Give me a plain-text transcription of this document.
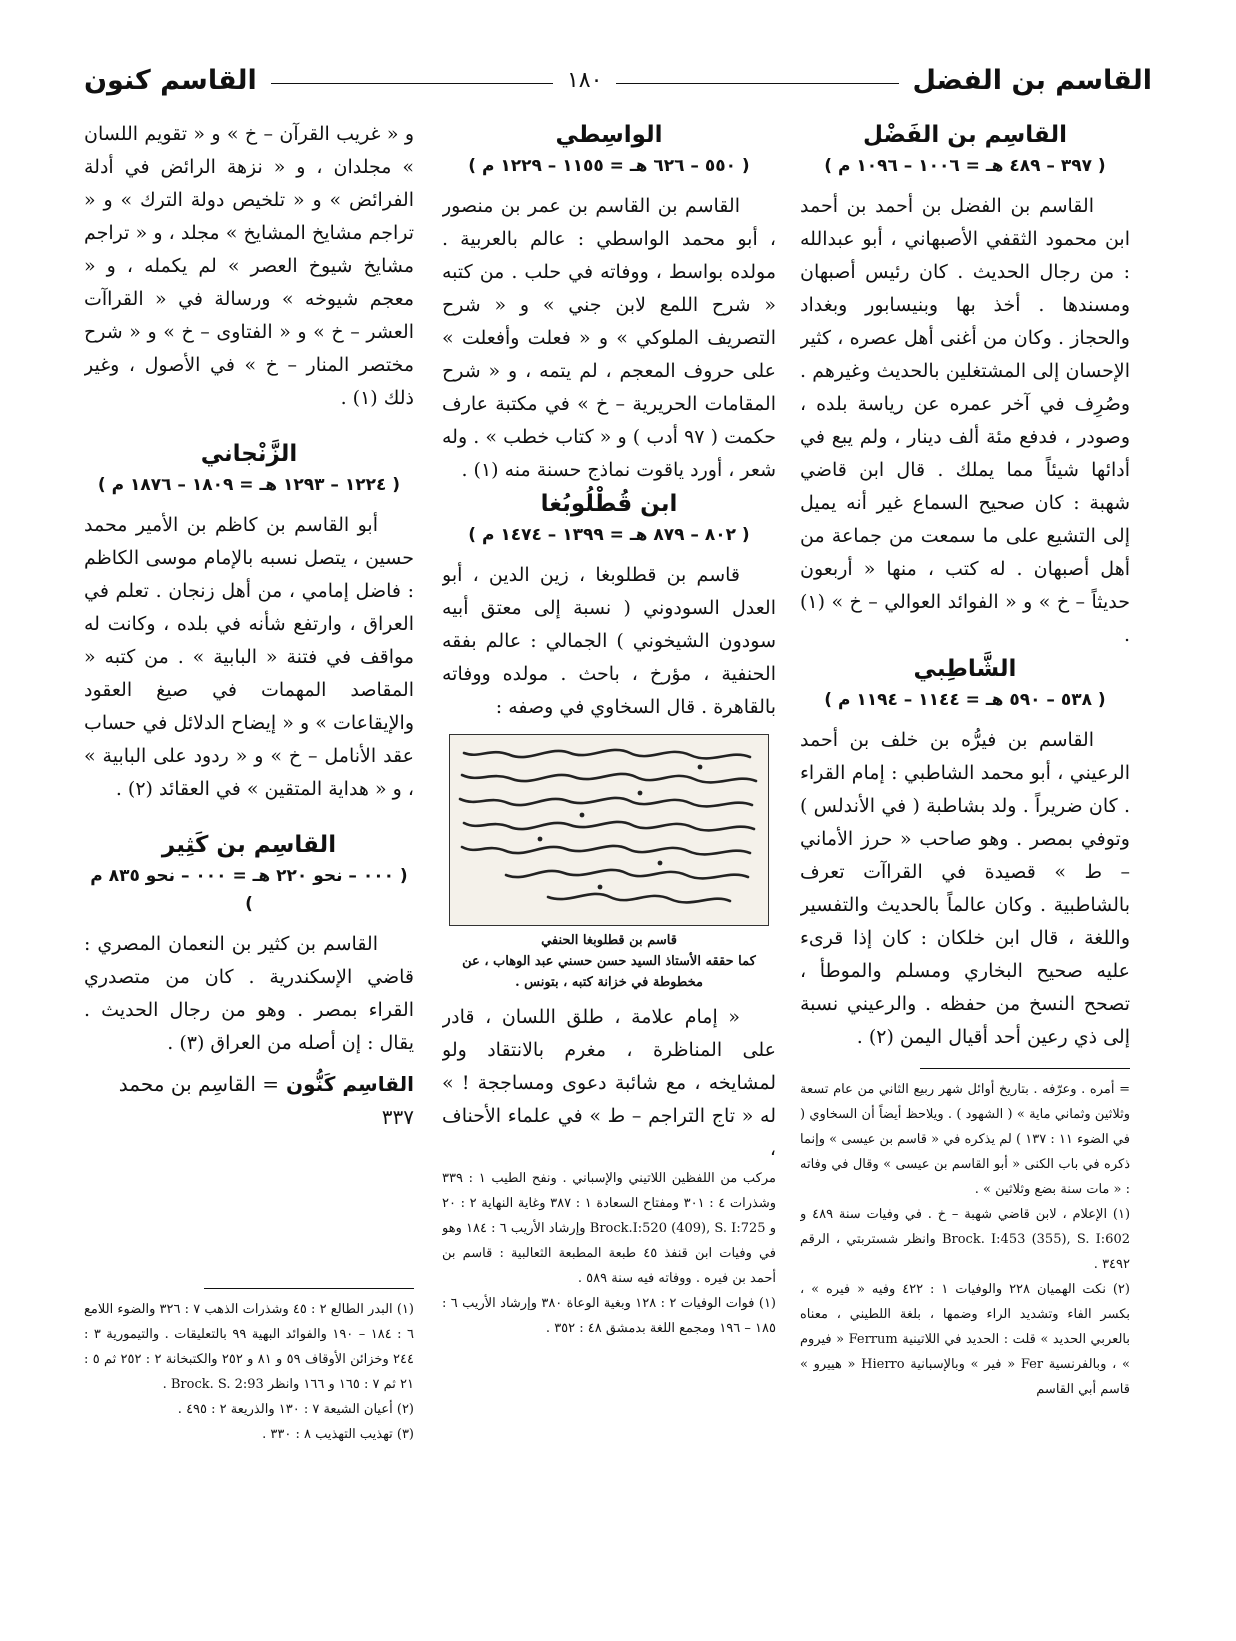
القاسم بن الفضل
١٨٠
القاسم كنون
القاسِم بن الفَضْل
( ٣٩٧ – ٤٨٩ هـ = ١٠٠٦ – ١٠٩٦ م )

القاسم بن الفضل بن أحمد بن أحمد ابن محمود الثقفي الأصبهاني ، أبو عبدالله : من رجال الحديث . كان رئيس أصبهان ومسندها . أخذ بها وبنيسابور وبغداد والحجاز . وكان من أغنى أهل عصره ، كثير الإحسان إلى المشتغلين بالحديث وغيرهم . وصُرِف في آخر عمره عن رياسة بلده ، وصودر ، فدفع مئة ألف دينار ، ولم يبع في أدائها شيئاً مما يملك . قال ابن قاضي شهبة : كان صحيح السماع غير أنه يميل إلى التشيع على ما سمعت من جماعة من أهل أصبهان . له كتب ، منها « أربعون حديثاً – خ » و « الفوائد العوالي – خ » (١) .

الشَّاطِبي
( ٥٣٨ – ٥٩٠ هـ = ١١٤٤ – ١١٩٤ م )

القاسم بن فيرُّه بن خلف بن أحمد الرعيني ، أبو محمد الشاطبي : إمام القراء . كان ضريراً . ولد بشاطبة ( في الأندلس ) وتوفي بمصر . وهو صاحب « حرز الأماني – ط » قصيدة في القراآت تعرف بالشاطبية . وكان عالماً بالحديث والتفسير واللغة ، قال ابن خلكان : كان إذا قرىء عليه صحيح البخاري ومسلم والموطأ ، تصحح النسخ من حفظه . والرعيني نسبة إلى ذي رعين أحد أقيال اليمن (٢) .

= أمره . وعرّفه . بتاريخ أوائل شهر ربيع الثاني من عام تسعة وثلاثين وثماني ماية » ( الشهود ) . ويلاحظ أيضاً أن السخاوي ( في الضوء ١١ : ١٣٧ ) لم يذكره في « قاسم بن عيسى » وإنما ذكره في باب الكنى « أبو القاسم بن عيسى » وقال في وفاته : « مات سنة بضع وثلاثين » .

(١) الإعلام ، لابن قاضي شهبة – خ . في وفيات سنة ٤٨٩ و Brock. I:453 (355), S. I:602 وانظر شستربتي ، الرقم ٣٤٩٢ .

(٢) نكت الهميان ٢٢٨ والوفيات ١ : ٤٢٢ وفيه « فيره » ، بكسر الفاء وتشديد الراء وضمها ، بلغة اللطيني ، معناه بالعربي الحديد » قلت : الحديد في اللاتينية Ferrum « فيروم » ، وبالفرنسية Fer « فير » وبالإسبانية Hierro « هييرو » قاسم أبي القاسم

الواسِطي
( ٥٥٠ – ٦٢٦ هـ = ١١٥٥ – ١٢٢٩ م )

القاسم بن القاسم بن عمر بن منصور ، أبو محمد الواسطي : عالم بالعربية . مولده بواسط ، ووفاته في حلب . من كتبه « شرح اللمع لابن جني » و « شرح التصريف الملوكي » و « فعلت وأفعلت » على حروف المعجم ، لم يتمه ، و « شرح المقامات الحريرية – خ » في مكتبة عارف حكمت ( ٩٧ أدب ) و « كتاب خطب » . وله شعر ، أورد ياقوت نماذج حسنة منه (١) .

ابن قُطْلُوبُغا
( ٨٠٢ – ٨٧٩ هـ = ١٣٩٩ – ١٤٧٤ م )

قاسم بن قطلوبغا ، زين الدين ، أبو العدل السودوني ( نسبة إلى معتق أبيه سودون الشيخوني ) الجمالي : عالم بفقه الحنفية ، مؤرخ ، باحث . مولده ووفاته بالقاهرة . قال السخاوي في وصفه :

قاسم بن قطلوبغا الحنفي
كما حققه الأستاذ السيد حسن حسني عبد الوهاب ، عن مخطوطة في خزانة كتبه ، بتونس .

« إمام علامة ، طلق اللسان ، قادر على المناظرة ، مغرم بالانتقاد ولو لمشايخه ، مع شائبة دعوى ومساججة ! » له « تاج التراجم – ط » في علماء الأحناف ،

مركب من اللفظين اللاتيني والإسباني . ونفح الطيب ١ : ٣٣٩ وشذرات ٤ : ٣٠١ ومفتاح السعادة ١ : ٣٨٧ وغاية النهاية ٢ : ٢٠ و Brock.I:520 (409), S. I:725 وإرشاد الأريب ٦ : ١٨٤ وهو في وفيات ابن قنفذ ٤٥ طبعة المطبعة الثعالبية : قاسم بن أحمد بن فيره . ووفاته فيه سنة ٥٨٩ .

(١) فوات الوفيات ٢ : ١٢٨ وبغية الوعاة ٣٨٠ وإرشاد الأريب ٦ : ١٨٥ – ١٩٦ ومجمع اللغة بدمشق ٤٨ : ٣٥٢ .

و « غريب القرآن – خ » و « تقويم اللسان » مجلدان ، و « نزهة الرائض في أدلة الفرائض » و « تلخيص دولة الترك » و « تراجم مشايخ المشايخ » مجلد ، و « تراجم مشايخ شيوخ العصر » لم يكمله ، و « معجم شيوخه » ورسالة في « القراآت العشر – خ » و « الفتاوى – خ » و « شرح مختصر المنار – خ » في الأصول ، وغير ذلك (١) .

الزَّنْجاني
( ١٢٢٤ – ١٢٩٣ هـ = ١٨٠٩ – ١٨٧٦ م )

أبو القاسم بن كاظم بن الأمير محمد حسين ، يتصل نسبه بالإمام موسى الكاظم : فاضل إمامي ، من أهل زنجان . تعلم في العراق ، وارتفع شأنه في بلده ، وكانت له مواقف في فتنة « البابية » . من كتبه « المقاصد المهمات في صيغ العقود والإيقاعات » و « إيضاح الدلائل في حساب عقد الأنامل – خ » و « ردود على البابية » ، و « هداية المتقين » في العقائد (٢) .

القاسِم بن كَثِير
( ٠٠٠ – نحو ٢٢٠ هـ = ٠٠٠ – نحو ٨٣٥ م )

القاسم بن كثير بن النعمان المصري : قاضي الإسكندرية . كان من متصدري القراء بمصر . وهو من رجال الحديث . يقال : إن أصله من العراق (٣) .

القاسِم كَنُّون = القاسِم بن محمد ٣٣٧

(١) البدر الطالع ٢ : ٤٥ وشذرات الذهب ٧ : ٣٢٦ والضوء اللامع ٦ : ١٨٤ – ١٩٠ والفوائد البهية ٩٩ بالتعليقات . والتيمورية ٣ : ٢٤٤ وخزائن الأوقاف ٥٩ و ٨١ و ٢٥٢ والكتبخانة ٢ : ٢٥٢ ثم ٥ : ٢١ ثم ٧ : ١٦٥ و ١٦٦ وانظر Brock. S. 2:93 .

(٢) أعيان الشيعة ٧ : ١٣٠ والذريعة ٢ : ٤٩٥ .

(٣) تهذيب التهذيب ٨ : ٣٣٠ .
